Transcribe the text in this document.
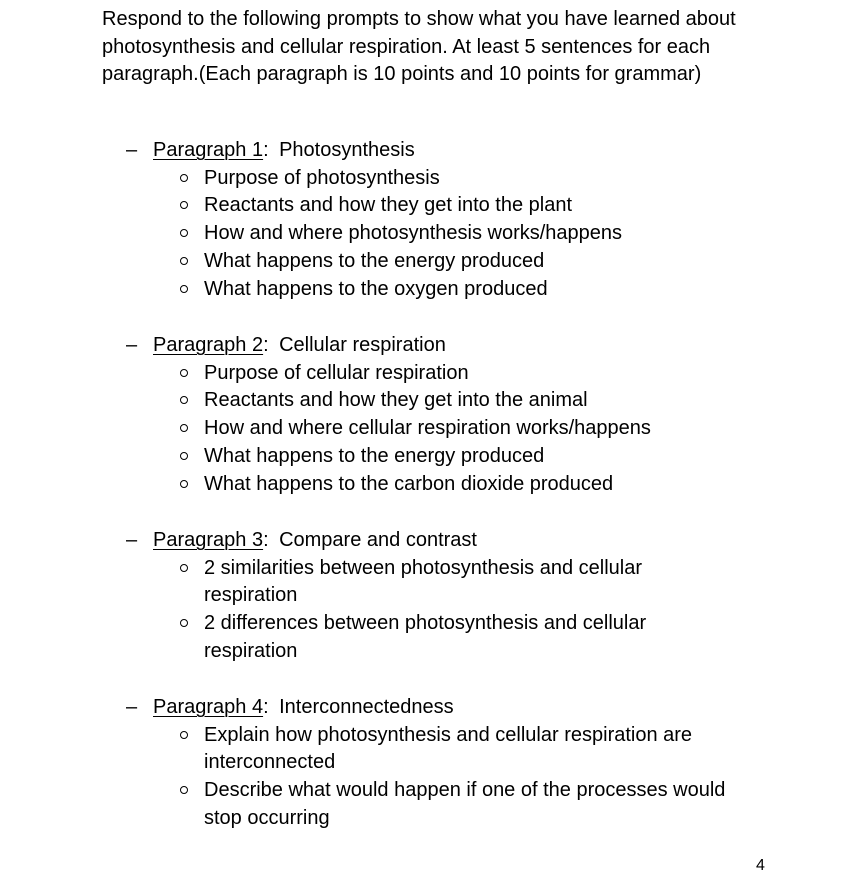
Respond to the following prompts to show what you have learned about photosynthesis and cellular respiration. At least 5 sentences for each paragraph.(Each paragraph is 10 points and 10 points for grammar)

– Paragraph 1 : Photosynthesis
Purpose of photosynthesis
Reactants and how they get into the plant
How and where photosynthesis works/happens
What happens to the energy produced
What happens to the oxygen produced
– Paragraph 2 : Cellular respiration
Purpose of cellular respiration
Reactants and how they get into the animal
How and where cellular respiration works/happens
What happens to the energy produced
What happens to the carbon dioxide produced
– Paragraph 3 : Compare and contrast
2 similarities between photosynthesis and cellular respiration
2 differences between photosynthesis and cellular respiration
– Paragraph 4 : Interconnectedness
Explain how photosynthesis and cellular respiration are interconnected
Describe what would happen if one of the processes would stop occurring
4
